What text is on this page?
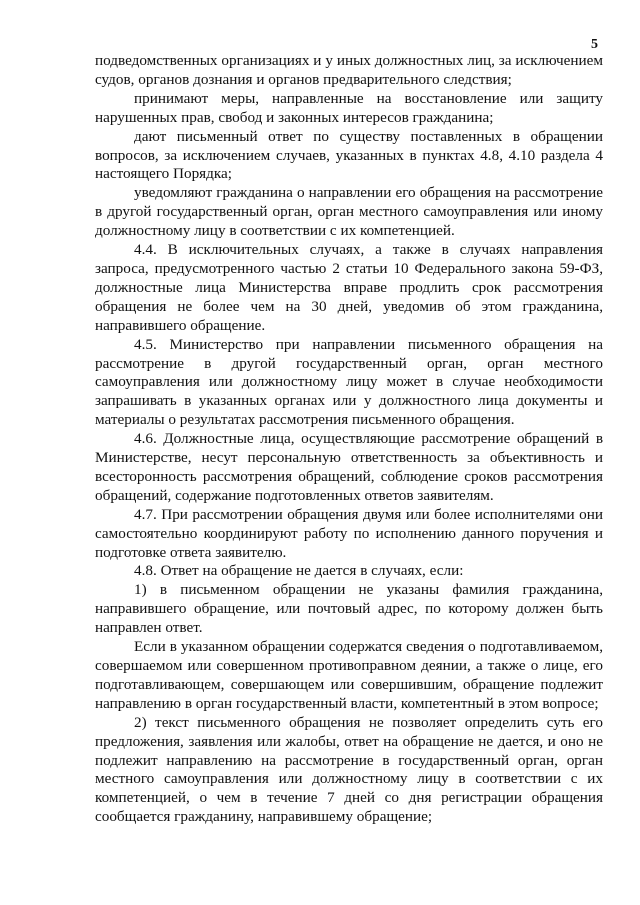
5

подведомственных организациях и у иных должностных лиц, за исключением судов, органов дознания и органов предварительного следствия;

принимают меры, направленные на восстановление или защиту нарушенных прав, свобод и законных интересов гражданина;

дают письменный ответ по существу поставленных в обращении вопросов, за исключением случаев, указанных в пунктах 4.8, 4.10 раздела 4 настоящего Порядка;

уведомляют гражданина о направлении его обращения на рассмотрение в другой государственный орган, орган местного самоуправления или иному должностному лицу в соответствии с их компетенцией.

4.4. В исключительных случаях, а также в случаях направления запроса, предусмотренного частью 2 статьи 10 Федерального закона 59-ФЗ, должностные лица Министерства вправе продлить срок рассмотрения обращения не более чем на 30 дней, уведомив об этом гражданина, направившего обращение.

4.5. Министерство при направлении письменного обращения на рассмотрение в другой государственный орган, орган местного самоуправления или должностному лицу может в случае необходимости запрашивать в указанных органах или у должностного лица документы и материалы о результатах рассмотрения письменного обращения.

4.6. Должностные лица, осуществляющие рассмотрение обращений в Министерстве, несут персональную ответственность за объективность и всесторонность рассмотрения обращений, соблюдение сроков рассмотрения обращений, содержание подготовленных ответов заявителям.

4.7. При рассмотрении обращения двумя или более исполнителями они самостоятельно координируют работу по исполнению данного поручения и подготовке ответа заявителю.

4.8. Ответ на обращение не дается в случаях, если:

1) в письменном обращении не указаны фамилия гражданина, направившего обращение, или почтовый адрес, по которому должен быть направлен ответ.

Если в указанном обращении содержатся сведения о подготавливаемом, совершаемом или совершенном противоправном деянии, а также о лице, его подготавливающем, совершающем или совершившим, обращение подлежит направлению в орган государственный власти, компетентный в этом вопросе;

2) текст письменного обращения не позволяет определить суть его предложения, заявления или жалобы, ответ на обращение не дается, и оно не подлежит направлению на рассмотрение в государственный орган, орган местного самоуправления или должностному лицу в соответствии с их компетенцией, о чем в течение 7 дней со дня регистрации обращения сообщается гражданину, направившему обращение;
